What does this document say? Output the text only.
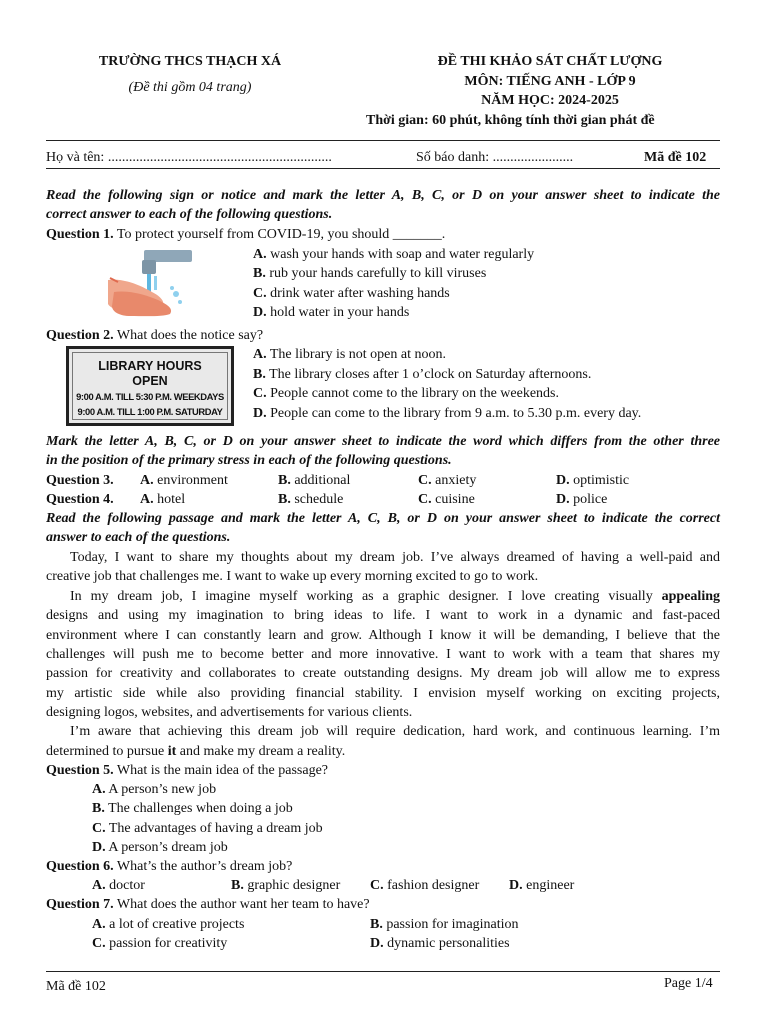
TRƯỜNG THCS THẠCH XÁ
(Đề thi gồm 04 trang)
ĐỀ THI KHẢO SÁT CHẤT LƯỢNG
MÔN: TIẾNG ANH - LỚP 9
NĂM HỌC: 2024-2025
Thời gian: 60 phút, không tính thời gian phát đề
Họ và tên: ................................................................	Số báo danh: .......................	Mã đề 102
Read the following sign or notice and mark the letter A, B, C, or D on your answer sheet to indicate the
correct answer to each of the following questions.
Question 1. To protect yourself from COVID-19, you should _______.
A. wash your hands with soap and water regularly
B. rub your hands carefully to kill viruses
C. drink water after washing hands
D. hold water in your hands
Question 2. What does the notice say?
LIBRARY HOURS
OPEN
9:00 A.M. TILL 5:30 P.M. WEEKDAYS
9:00 A.M. TILL 1:00 P.M. SATURDAY
A. The library is not open at noon.
B. The library closes after 1 o’clock on Saturday afternoons.
C. People cannot come to the library on the weekends.
D. People can come to the library from 9 a.m. to 5.30 p.m. every day.
Mark the letter A, B, C, or D on your answer sheet to indicate the word which differs from the other three
in the position of the primary stress in each of the following questions.
Question 3. A. environment	B. additional	C. anxiety	D. optimistic
Question 4. A. hotel	B. schedule	C. cuisine	D. police
Read the following passage and mark the letter A, C, B, or D on your answer sheet to indicate the correct
answer to each of the questions.
Today, I want to share my thoughts about my dream job. I’ve always dreamed of having a well-paid and
creative job that challenges me. I want to wake up every morning excited to go to work.
In my dream job, I imagine myself working as a graphic designer. I love creating visually appealing
designs and using my imagination to bring ideas to life. I want to work in a dynamic and fast-paced
environment where I can constantly learn and grow. Although I know it will be demanding, I believe that the
challenges will push me to become better and more innovative. I want to work with a team that shares my
passion for creativity and collaborates to create outstanding designs. My dream job will allow me to express
my artistic side while also providing financial stability. I envision myself working on exciting projects,
designing logos, websites, and advertisements for various clients.
I’m aware that achieving this dream job will require dedication, hard work, and continuous learning. I’m
determined to pursue it and make my dream a reality.
Question 5. What is the main idea of the passage?
A. A person’s new job
B. The challenges when doing a job
C. The advantages of having a dream job
D. A person’s dream job
Question 6. What’s the author’s dream job?
A. doctor	B. graphic designer C. fashion designer D. engineer
Question 7. What does the author want her team to have?
A. a lot of creative projects	B. passion for imagination
C. passion for creativity	D. dynamic personalities
Mã đề 102	Page 1/4
